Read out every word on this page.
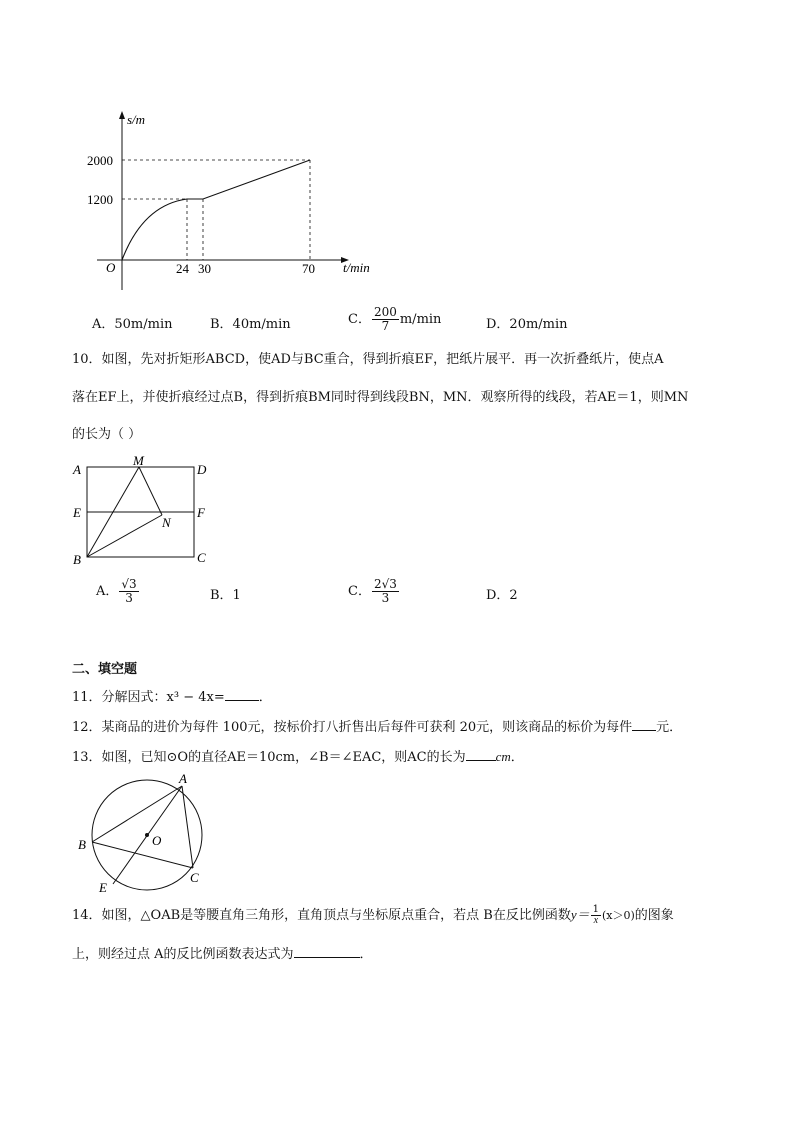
s/m
t/min
O
2000
1200
24 30	70
A．50m/min	B．40m/min	C． $\frac{200}{7} m/\min$	D．20m/min
10．如图，先对折矩形ABCD，使AD与BC重合，得到折痕EF，把纸片展平．再一次折叠纸片，使点A
落在EF上，并使折痕经过点B，得到折痕BM同时得到线段BN，MN．观察所得的线段，若AE＝1，则MN
的长为（ ）
A
M
D
E	F
N
B	C
A． $\frac{√3}{3}$	B．1	C． $\frac{2√3}{3}$	D．2
二、填空题
11．分解因式：x³ − 4x=	．
12．某商品的进价为每件 100元，按标价打八折售出后每件可获利 20元，则该商品的标价为每件 元．
13．如图，已知⊙O的直径AE＝10cm，∠B＝∠EAC，则AC的长为 cm．
A
B	O
E
C
14．如图，△OAB是等腰直角三角形，直角顶点与坐标原点重合，若点 B在反比例函数$y= \frac{1}{x} (x>0)$的图象
上，则经过点 A的反比例函数表达式为	．
